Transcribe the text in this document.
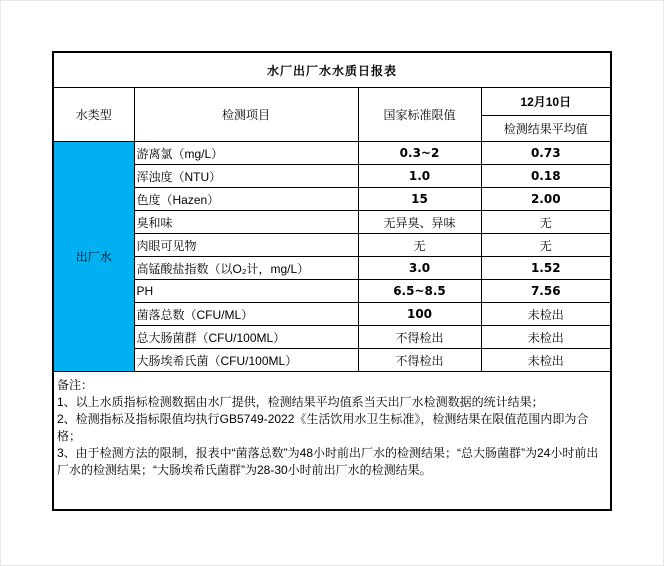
水厂出厂水水质日报表			
水类型	检测项目	国家标准限值	12月10日
			检测结果平均值
出厂水	游离氯（mg/L）	0.3~2	0.73
	浑浊度（NTU）	1.0	0.18
	色度（Hazen）	15	2.00
	臭和味	无异臭、异味	无
	肉眼可见物	无	无
	高锰酸盐指数（以O₂计，mg/L）	3.0	1.52
	PH	6.5~8.5	7.56
	菌落总数（CFU/ML）	100	未检出
	总大肠菌群（CFU/100ML）	不得检出	未检出
	大肠埃希氏菌（CFU/100ML）	不得检出	未检出

备注：
1、以上水质指标检测数据由水厂提供，检测结果平均值系当天出厂水检测数据的统计结果；
2、检测指标及指标限值均执行GB5749-2022《生活饮用水卫生标准》，检测结果在限值范围内即为合格；
3、由于检测方法的限制，报表中“菌落总数”为48小时前出厂水的检测结果；“总大肠菌群”为24小时前出厂水的检测结果；“大肠埃希氏菌群”为28-30小时前出厂水的检测结果。			
